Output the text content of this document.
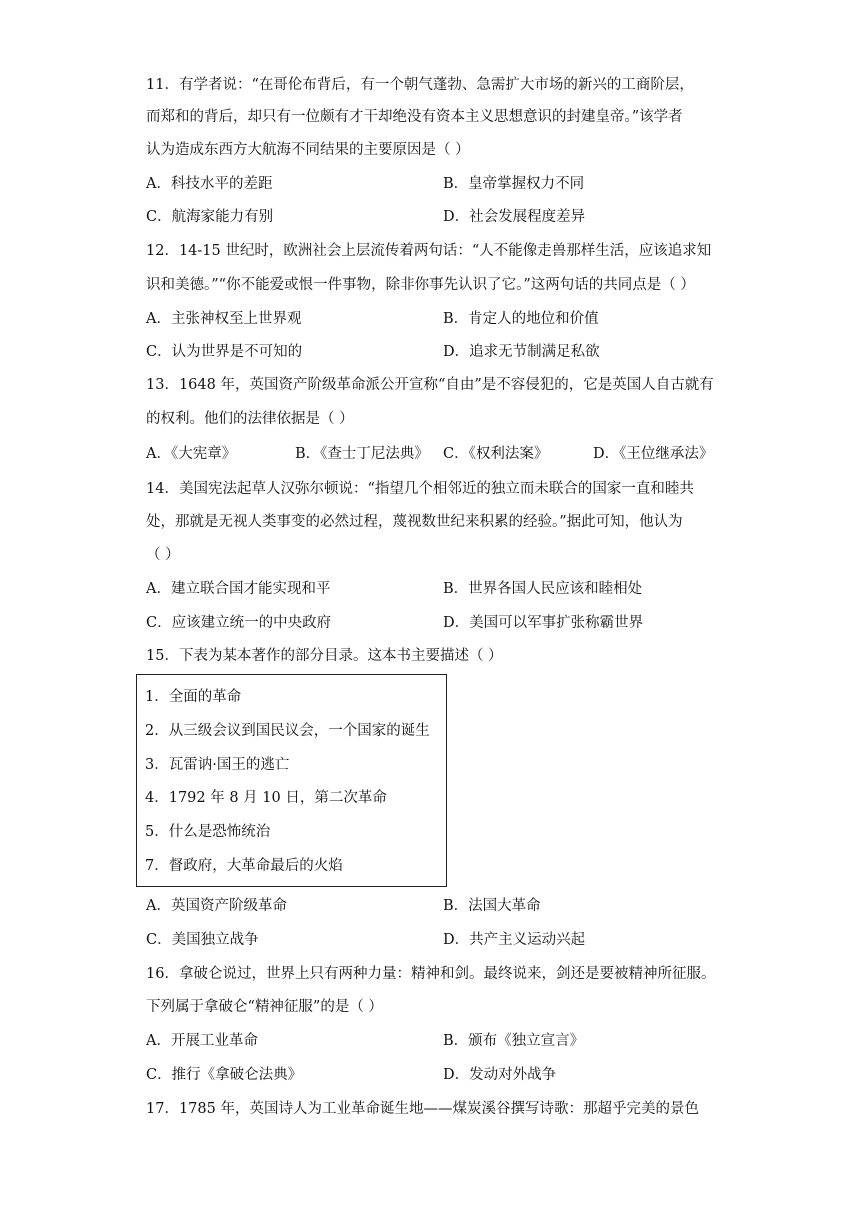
11．有学者说：“在哥伦布背后，有一个朝气蓬勃、急需扩大市场的新兴的工商阶层，
而郑和的背后，却只有一位颇有才干却绝没有资本主义思想意识的封建皇帝。”该学者
认为造成东西方大航海不同结果的主要原因是（ ）
A．科技水平的差距	B．皇帝掌握权力不同
C．航海家能力有别	D．社会发展程度差异
12．14-15 世纪时，欧洲社会上层流传着两句话：“人不能像走兽那样生活，应该追求知
识和美德。”“你不能爱或恨一件事物，除非你事先认识了它。”这两句话的共同点是（ ）
A．主张神权至上世界观	B．肯定人的地位和价值
C．认为世界是不可知的	D．追求无节制满足私欲
13．1648 年，英国资产阶级革命派公开宣称“自由”是不容侵犯的，它是英国人自古就有
的权利。他们的法律依据是（ ）
A．《大宪章》	B．《查士丁尼法典》 C．《权利法案》	D．《王位继承法》
14．美国宪法起草人汉弥尔顿说：“指望几个相邻近的独立而未联合的国家一直和睦共
处，那就是无视人类事变的必然过程，蔑视数世纪来积累的经验。”据此可知，他认为
（ ）
A．建立联合国才能实现和平	B．世界各国人民应该和睦相处
C．应该建立统一的中央政府	D．美国可以军事扩张称霸世界
15．下表为某本著作的部分目录。这本书主要描述（ ）
1．全面的革命
2．从三级会议到国民议会，一个国家的诞生
3．瓦雷讷·国王的逃亡
4．1792 年 8 月 10 日，第二次革命
5．什么是恐怖统治
7．督政府，大革命最后的火焰
A．英国资产阶级革命	B．法国大革命
C．美国独立战争	D．共产主义运动兴起
16．拿破仑说过，世界上只有两种力量：精神和剑。最终说来，剑还是要被精神所征服。
下列属于拿破仑“精神征服”的是（ ）
A．开展工业革命	B．颁布《独立宣言》
C．推行《拿破仑法典》	D．发动对外战争
17．1785 年，英国诗人为工业革命诞生地——煤炭溪谷撰写诗歌：那超乎完美的景色
